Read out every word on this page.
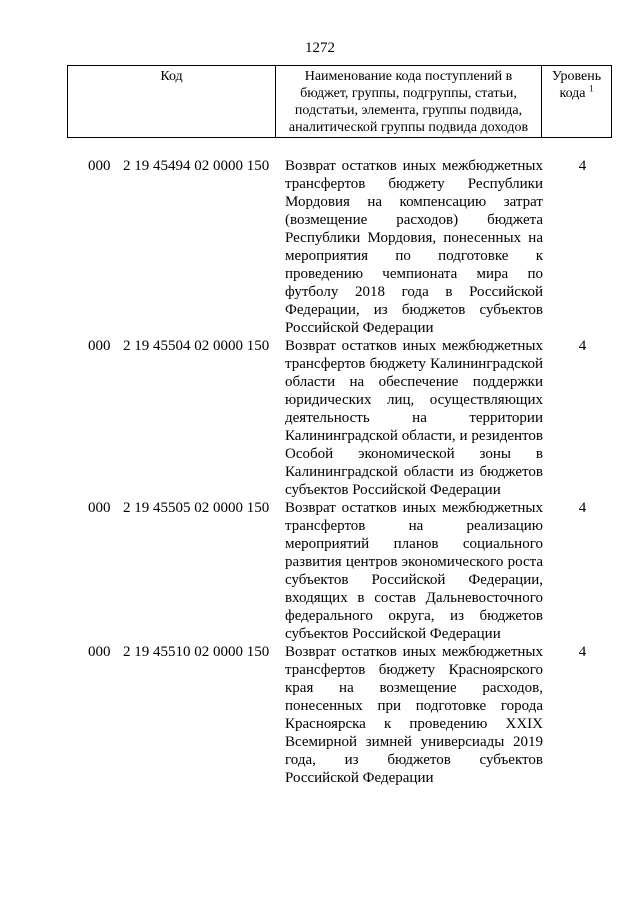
1272
Код	Наименование кода поступлений в
бюджет, группы, подгруппы, статьи,
подстатьи, элемента, группы подвида,
аналитической группы подвида доходов
Уровень
кода $^1$
000 2 19 45494 02 0000 150	Возврат остатков иных межбюджетных
трансфертов бюджету Республики
Мордовия на компенсацию затрат
(возмещение расходов) бюджета
Республики Мордовия, понесенных на
мероприятия по подготовке к
проведению чемпионата мира по
футболу 2018 года в Российской
Федерации, из бюджетов субъектов
Российской Федерации
4
000 2 19 45504 02 0000 150	Возврат остатков иных межбюджетных
трансфертов бюджету Калининградской
области на обеспечение поддержки
юридических лиц, осуществляющих
деятельность на территории
Калининградской области, и резидентов
Особой экономической зоны в
Калининградской области из бюджетов
субъектов Российской Федерации
4
000 2 19 45505 02 0000 150	Возврат остатков иных межбюджетных
трансфертов на реализацию
мероприятий планов социального
развития центров экономического роста
субъектов Российской Федерации,
входящих в состав Дальневосточного
федерального округа, из бюджетов
субъектов Российской Федерации
4
000 2 19 45510 02 0000 150	Возврат остатков иных межбюджетных
трансфертов бюджету Красноярского
края на возмещение расходов,
понесенных при подготовке города
Красноярска к проведению XXIX
Всемирной зимней универсиады 2019
года, из бюджетов субъектов
Российской Федерации
4
